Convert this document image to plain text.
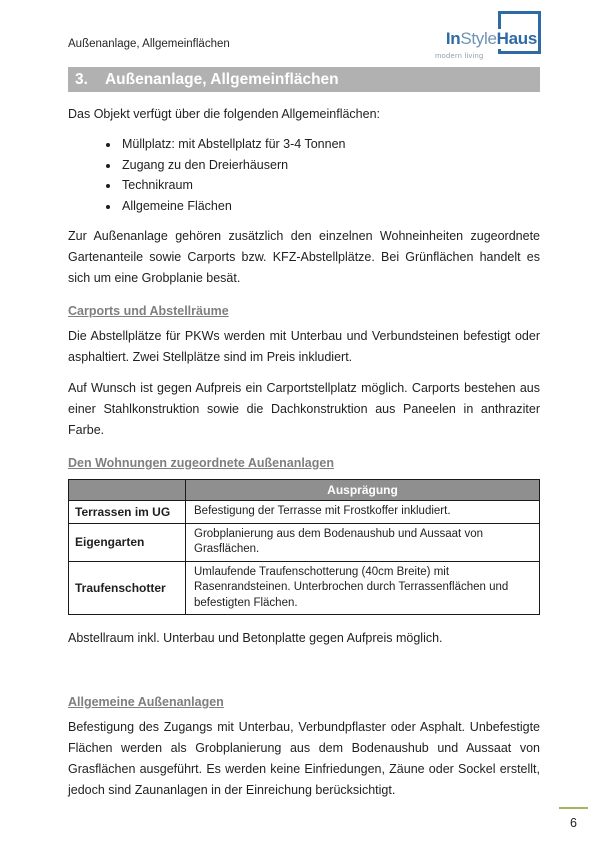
InStyleHaus
modern living
Außenanlage, Allgemeinflächen
3. Außenanlage, Allgemeinflächen
Das Objekt verfügt über die folgenden Allgemeinflächen:
• Müllplatz: mit Abstellplatz für 3-4 Tonnen
• Zugang zu den Dreierhäusern
• Technikraum
• Allgemeine Flächen
Zur Außenanlage gehören zusätzlich den einzelnen Wohneinheiten zugeordnete Gartenanteile sowie Carports bzw. KFZ-Abstellplätze. Bei Grünflächen handelt es sich um eine Grobplanie besät.
Carports und Abstellräume
Die Abstellplätze für PKWs werden mit Unterbau und Verbundsteinen befestigt oder asphaltiert. Zwei Stellplätze sind im Preis inkludiert.
Auf Wunsch ist gegen Aufpreis ein Carportstellplatz möglich. Carports bestehen aus einer Stahlkonstruktion sowie die Dachkonstruktion aus Paneelen in anthraziter Farbe.
Den Wohnungen zugeordnete Außenanlagen
	Ausprägung
Terrassen im UG	Befestigung der Terrasse mit Frostkoffer inkludiert.
Eigengarten	Grobplanierung aus dem Bodenaushub und Aussaat von Grasflächen.
Traufenschotter	Umlaufende Traufenschotterung (40cm Breite) mit Rasenrandsteinen. Unterbrochen durch Terrassenflächen und befestigten Flächen.
Abstellraum inkl. Unterbau und Betonplatte gegen Aufpreis möglich.
Allgemeine Außenanlagen
Befestigung des Zugangs mit Unterbau, Verbundpflaster oder Asphalt. Unbefestigte Flächen werden als Grobplanierung aus dem Bodenaushub und Aussaat von Grasflächen ausgeführt. Es werden keine Einfriedungen, Zäune oder Sockel erstellt, jedoch sind Zaunanlagen in der Einreichung berücksichtigt.
6
